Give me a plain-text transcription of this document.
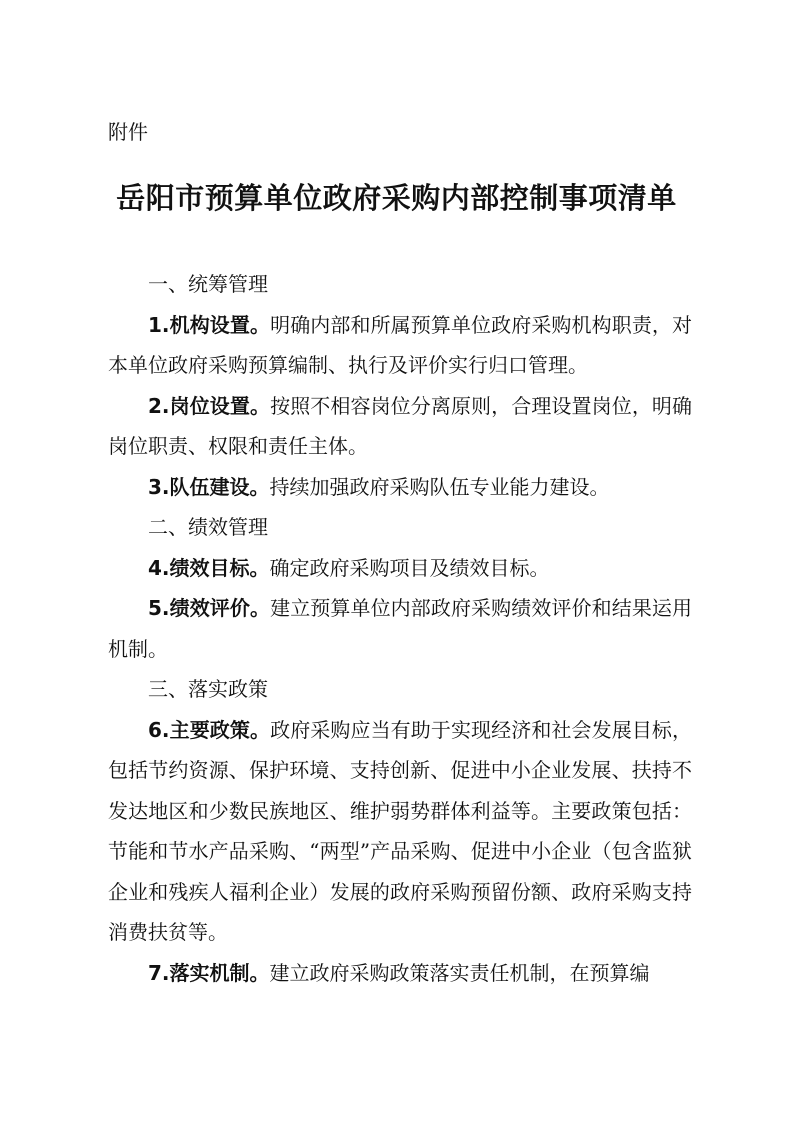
附件
岳阳市预算单位政府采购内部控制事项清单

一、统筹管理

1.机构设置。明确内部和所属预算单位政府采购机构职责，对本单位政府采购预算编制、执行及评价实行归口管理。

2.岗位设置。按照不相容岗位分离原则，合理设置岗位，明确岗位职责、权限和责任主体。

3.队伍建设。持续加强政府采购队伍专业能力建设。

二、绩效管理

4.绩效目标。确定政府采购项目及绩效目标。

5.绩效评价。建立预算单位内部政府采购绩效评价和结果运用机制。

三、落实政策

6.主要政策。政府采购应当有助于实现经济和社会发展目标，包括节约资源、保护环境、支持创新、促进中小企业发展、扶持不发达地区和少数民族地区、维护弱势群体利益等。主要政策包括：节能和节水产品采购、“两型”产品采购、促进中小企业（包含监狱企业和残疾人福利企业）发展的政府采购预留份额、政府采购支持消费扶贫等。

7.落实机制。建立政府采购政策落实责任机制，在预算编
